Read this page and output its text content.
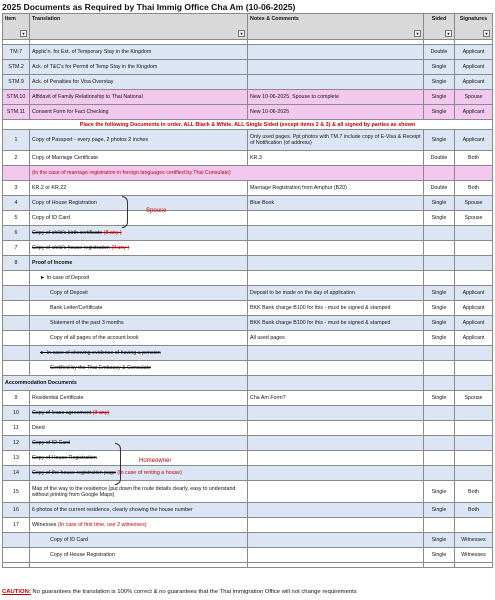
2025 Documents as Required by Thai Immig Office Cha Am (10-06-2025)
Item
▾	Translation
▾	Notes & Comments
▾	Sided
▾	Signatures
▾

TM.7	Applic'n. for Ext. of Temporary Stay in the Kingdom		Double	Applicant
STM.2	Ack. of T&C's for Permit of Temp Stay in the Kingdom		Single	Applicant
STM.9	Ack. of Penalties for Visa Overstay		Single	Applicant
STM.10	Affidavit of Family Relationship to Thai National	New 10-06-2025. Spouse to complete	Single	Spouse
STM.11	Consent Form for Fact Checking	New 10-06-2025	Single	Applicant
Place the following Documents in order. ALL Black & White. ALL Single Sided (except items 2 & 3) & all signed by parties as shown				
1	Copy of Passport - every page, 2 photos 2 inches	Only used pages. Ppt photos with TM.7 include copy of E-Visa & Receipt of Notification (of address)	Single	Applicant
2	Copy of Marriage Certificate	KR.3	Double	Both
	(In the case of marriage registration in foreign languages certified by Thai Consulate)			
3	KR.2 or KR.22	Marriage Registration from Amphur (B20)	Double	Both
4	Copy of House Registration	Blue Book	Single	Spouse
5	Copy of ID Card		Single	Spouse
6	Copy of child's birth certificate (If any )			
7	Copy of child's house registration (If any )			
8	Proof of Income			
	► In case of Deposit			
	Copy of Deposit	Deposit to be made on the day of application	Single	Applicant
	Bank Letter/Certificate	BKK Bank charge B100 for this - must be signed & stamped	Single	Applicant
	Statement of the past 3 months	BKK Bank charge B100 for this - must be signed & stamped	Single	Applicant
	Copy of all pages of the account book	All used pages	Single	Applicant
	► In case of showing evidence of having a pension			
	Certified by the Thai Embassy & Consulate			
Accommodation Documents				
9	Residential Certificate	Cha Am Form?	Single	Spouse
10	Copy of lease agreement (If any)			
11	Deed			
12	Copy of ID Card			
13	Copy of House Registration			
14	Copy of the house registration page (In case of renting a house)			
15	Map of the way to the residence (put down the route details clearly, easy to understand without printing from Google Maps)		Single	Both
16	6 photos of the current residence, clearly showing the house number		Single	Both
17	Witnesses (In case of first time, use 2 witnesses)			
	Copy of ID Card		Single	Witnesses
	Copy of House Registration		Single	Witnesses

Spouse
Homeowner
CAUTION: No guarantees the translation is 100% correct & no guarantees that the Thai immigration Office will not change requirements
